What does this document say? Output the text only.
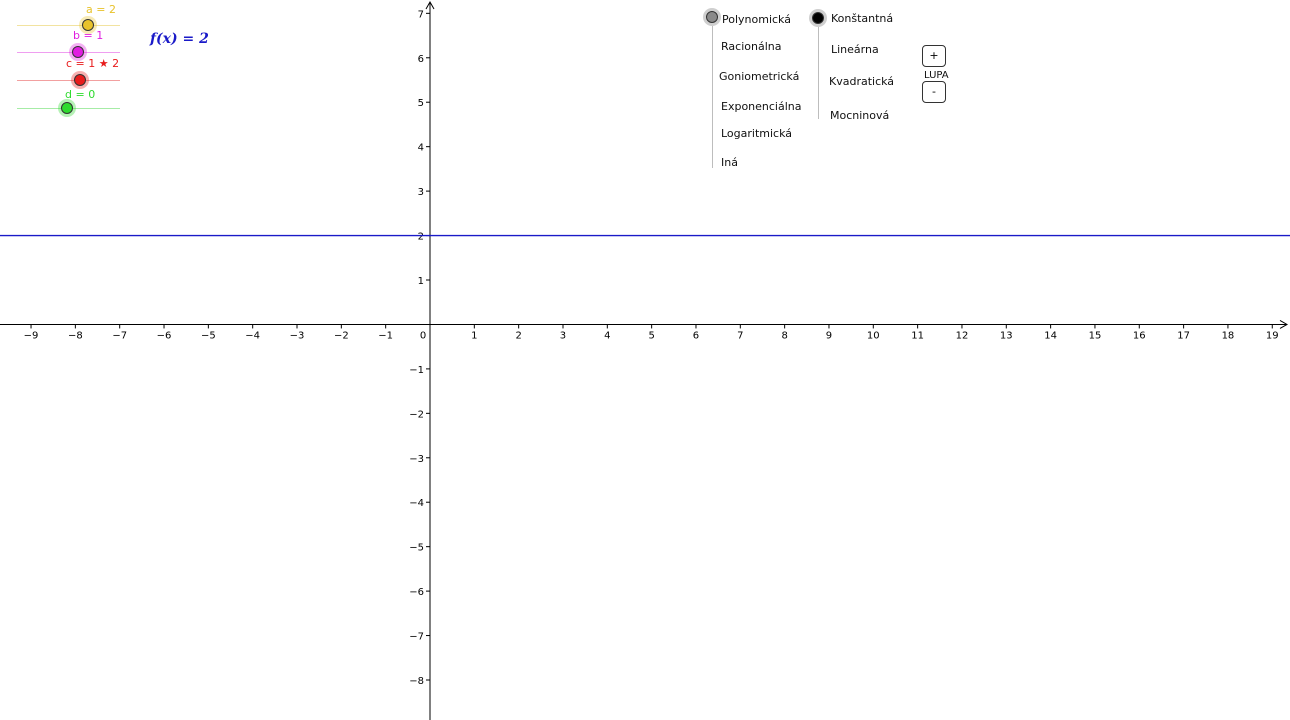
−9	−8	−7	−6	−5	−4	−3	−2	−1	0	1	2	3	4	5	6	7	8	9	10	11	12	13	14	15	16	17	18	19
−8
−7
−6
−5
−4
−3
−2
−1
1
2
3
4
5
6
7
a = 2
b = 1
c = 1 ★ 2
d = 0
f(x) = 2
Polynomická
Racionálna
Goniometrická
Exponenciálna
Logaritmická
Iná
Konštantná
Lineárna
Kvadratická
Mocninová
+
LUPA
-
